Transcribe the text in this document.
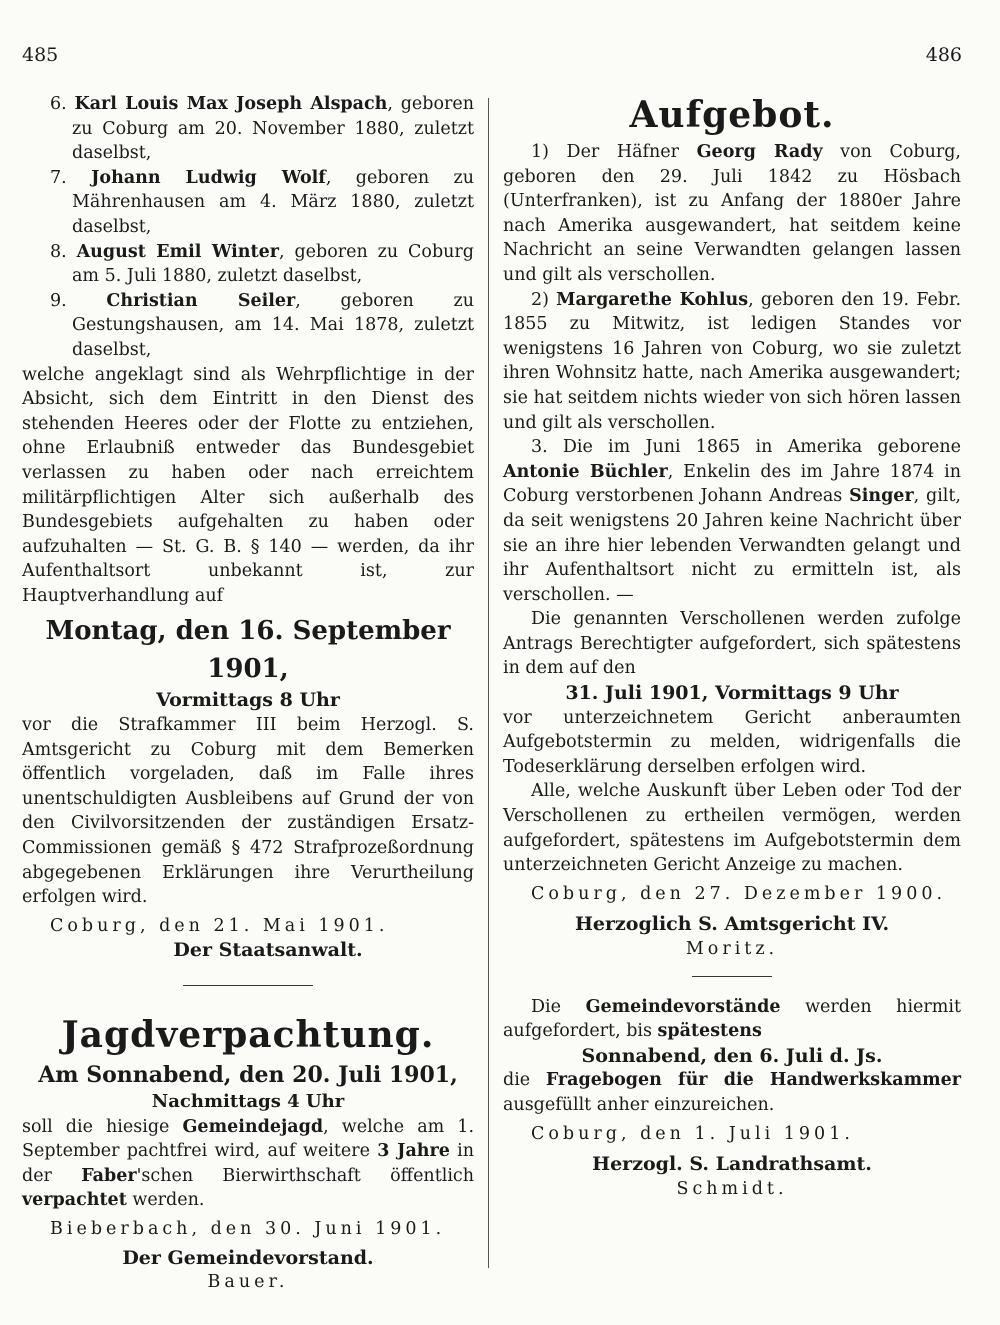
485	486
6. Karl Louis Max Joseph Alspach, geboren zu Coburg am 20. November 1880, zuletzt daselbst,
7. Johann Ludwig Wolf, geboren zu Mährenhausen am 4. März 1880, zuletzt daselbst,
8. August Emil Winter, geboren zu Coburg am 5. Juli 1880, zuletzt daselbst,
9. Christian Seiler, geboren zu Gestungshausen, am 14. Mai 1878, zuletzt daselbst,
welche angeklagt sind als Wehrpflichtige in der Absicht, sich dem Eintritt in den Dienst des stehenden Heeres oder der Flotte zu entziehen, ohne Erlaubniß entweder das Bundesgebiet verlassen zu haben oder nach erreichtem militärpflichtigen Alter sich außerhalb des Bundesgebiets aufgehalten zu haben oder aufzuhalten — St. G. B. § 140 — werden, da ihr Aufenthaltsort unbekannt ist, zur Hauptverhandlung auf
Montag, den 16. September 1901,
Vormittags 8 Uhr
vor die Strafkammer III beim Herzogl. S. Amtsgericht zu Coburg mit dem Bemerken öffentlich vorgeladen, daß im Falle ihres unentschuldigten Ausbleibens auf Grund der von den Civilvorsitzenden der zuständigen Ersatz-Commissionen gemäß § 472 Strafprozeßordnung abgegebenen Erklärungen ihre Verurtheilung erfolgen wird.
Coburg, den 21. Mai 1901.
Der Staatsanwalt.
Jagdverpachtung.
Am Sonnabend, den 20. Juli 1901,
Nachmittags 4 Uhr
soll die hiesige Gemeindejagd, welche am 1. September pachtfrei wird, auf weitere 3 Jahre in der Faber'schen Bierwirthschaft öffentlich verpachtet werden.
Bieberbach, den 30. Juni 1901.
Der Gemeindevorstand.
Bauer.
Aufgebot.
1) Der Häfner Georg Rady von Coburg, geboren den 29. Juli 1842 zu Hösbach (Unterfranken), ist zu Anfang der 1880er Jahre nach Amerika ausgewandert, hat seitdem keine Nachricht an seine Verwandten gelangen lassen und gilt als verschollen.
2) Margarethe Kohlus, geboren den 19. Febr. 1855 zu Mitwitz, ist ledigen Standes vor wenigstens 16 Jahren von Coburg, wo sie zuletzt ihren Wohnsitz hatte, nach Amerika ausgewandert; sie hat seitdem nichts wieder von sich hören lassen und gilt als verschollen.
3. Die im Juni 1865 in Amerika geborene Antonie Büchler, Enkelin des im Jahre 1874 in Coburg verstorbenen Johann Andreas Singer, gilt, da seit wenigstens 20 Jahren keine Nachricht über sie an ihre hier lebenden Verwandten gelangt und ihr Aufenthaltsort nicht zu ermitteln ist, als verschollen. —
Die genannten Verschollenen werden zufolge Antrags Berechtigter aufgefordert, sich spätestens in dem auf den
31. Juli 1901, Vormittags 9 Uhr
vor unterzeichnetem Gericht anberaumten Aufgebotstermin zu melden, widrigenfalls die Todeserklärung derselben erfolgen wird.
Alle, welche Auskunft über Leben oder Tod der Verschollenen zu ertheilen vermögen, werden aufgefordert, spätestens im Aufgebotstermin dem unterzeichneten Gericht Anzeige zu machen.
Coburg, den 27. Dezember 1900.
Herzoglich S. Amtsgericht IV.
Moritz.
Die Gemeindevorstände werden hiermit aufgefordert, bis spätestens
Sonnabend, den 6. Juli d. Js.
die Fragebogen für die Handwerkskammer ausgefüllt anher einzureichen.
Coburg, den 1. Juli 1901.
Herzogl. S. Landrathsamt.
Schmidt.
